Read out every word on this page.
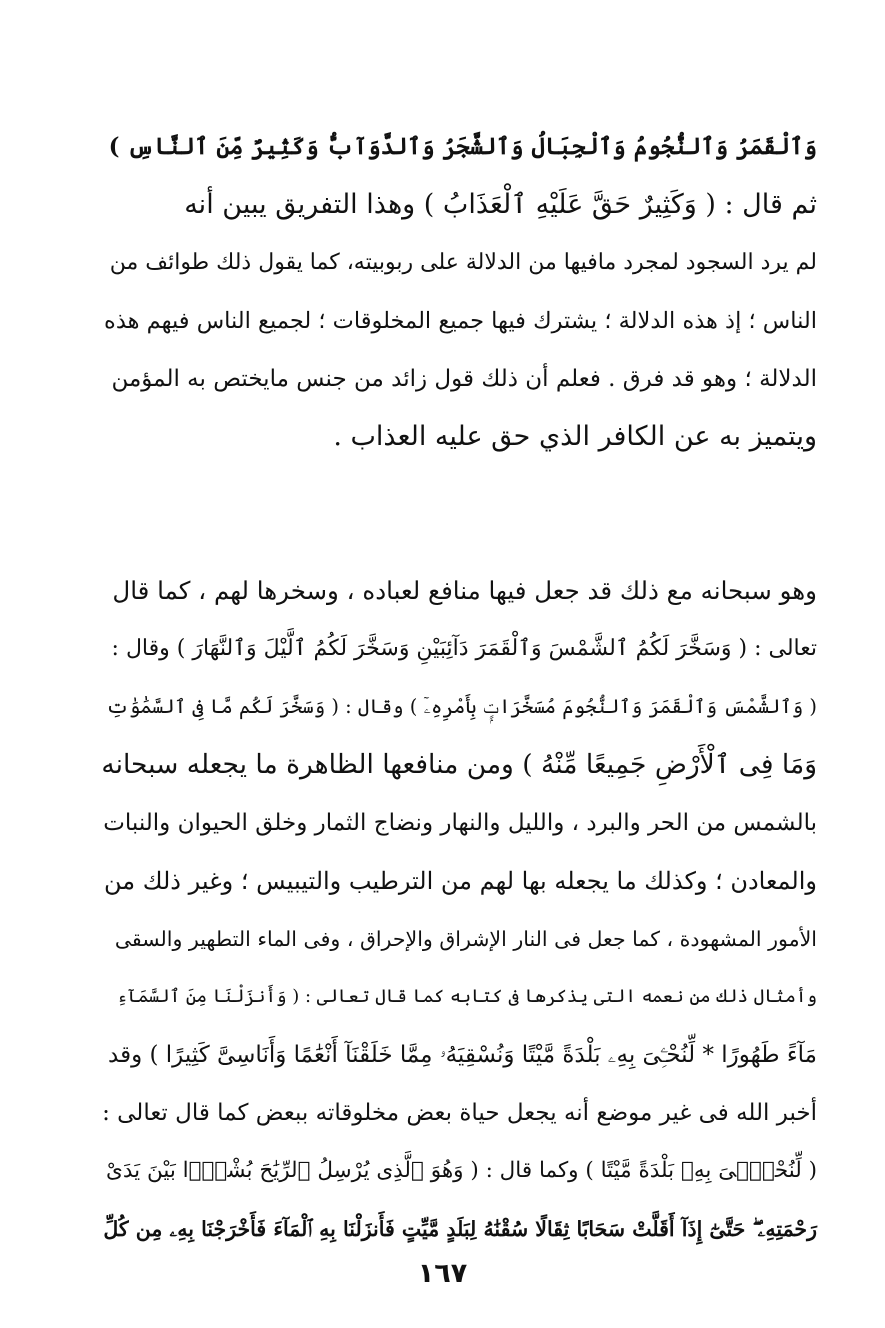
وَٱلْقَمَرُ وَٱلنُّجُومُ وَٱلْجِبَالُ وَٱلشَّجَرُ وَٱلدَّوَآبُّ وَكَثِيرٌ مِّنَ ٱلنَّاسِ )
ثم قال : ( وَكَثِيرٌ حَقَّ عَلَيْهِ ٱلْعَذَابُ ) وهذا التفريق يبين أنه
لم يرد السجود لمجرد مافيها من الدلالة على ربوبيته، كما يقول ذلك طوائف من
الناس ؛ إذ هذه الدلالة ؛ يشترك فيها جميع المخلوقات ؛ لجميع الناس فيهم هذه
الدلالة ؛ وهو قد فرق . فعلم أن ذلك قول زائد من جنس مايختص به المؤمن
ويتميز به عن الكافر الذي حق عليه العذاب .
وهو سبحانه مع ذلك قد جعل فيها منافع لعباده ، وسخرها لهم ، كما قال
تعالى : ( وَسَخَّرَ لَكُمُ ٱلشَّمْسَ وَٱلْقَمَرَ دَآئِبَيْنِ وَسَخَّرَ لَكُمُ ٱلَّيْلَ وَٱلنَّهَارَ ) وقال :
( وَٱلشَّمْسَ وَٱلْقَمَرَ وَٱلنُّجُومَ مُسَخَّرَاتٍۭ بِأَمْرِهِۦٓ ) وقال : ( وَسَخَّرَ لَكُم مَّا فِى ٱلسَّمَٰوَٰتِ
وَمَا فِى ٱلْأَرْضِ جَمِيعًا مِّنْهُ ) ومن منافعها الظاهرة ما يجعله سبحانه
بالشمس من الحر والبرد ، والليل والنهار ونضاج الثمار وخلق الحيوان والنبات
والمعادن ؛ وكذلك ما يجعله بها لهم من الترطيب والتيبيس ؛ وغير ذلك من
الأمور المشهودة ، كما جعل فى النار الإشراق والإحراق ، وفى الماء التطهير والسقى
وأمثال ذلك من نعمه التى يذكرها فى كتابه كما قال تعالى : ( وَأَنزَلْنَا مِنَ ٱلسَّمَآءِ
مَآءً طَهُورًا * لِّنُحْـِۧىَ بِهِۦ بَلْدَةً مَّيْتًا وَنُسْقِيَهُۥ مِمَّا خَلَقْنَآ أَنْعَٰمًا وَأَنَاسِىَّ كَثِيرًا ) وقد
أخبر الله فى غير موضع أنه يجعل حياة بعض مخلوقاته ببعض كما قال تعالى :
( لِّنُحْـِۧىَ بِهِۦ بَلْدَةً مَّيْتًا ) وكما قال : ( وَهُوَ ٱلَّذِى يُرْسِلُ ٱلرِّيَٰحَ بُشْرًۢا بَيْنَ يَدَىْ
رَحْمَتِهِۦ ۖ حَتَّىٰٓ إِذَآ أَقَلَّتْ سَحَابًا ثِقَالًا سُقْنَٰهُ لِبَلَدٍ مَّيِّتٍ فَأَنزَلْنَا بِهِ ٱلْمَآءَ فَأَخْرَجْنَا بِهِۦ مِن كُلِّ
١٦٧
